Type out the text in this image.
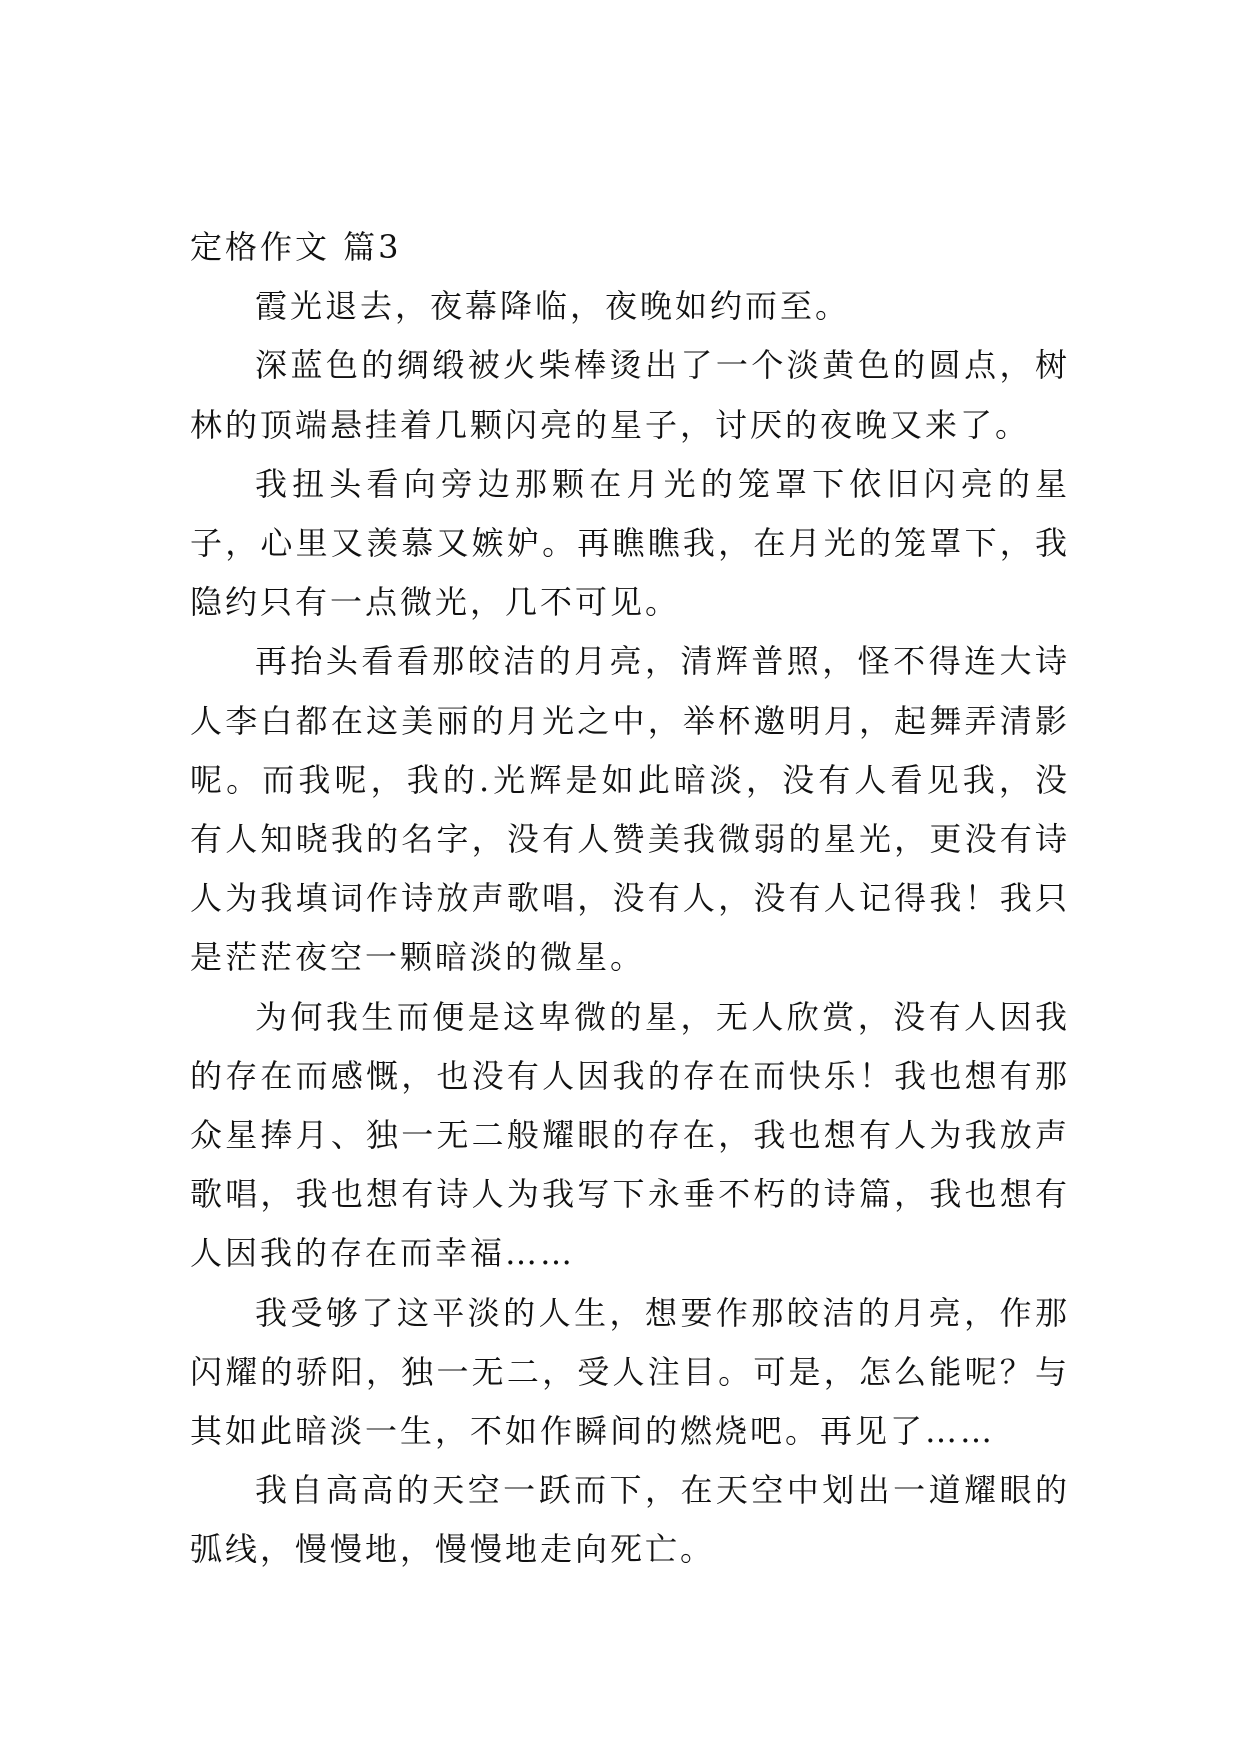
定格作文 篇3

霞光退去，夜幕降临，夜晚如约而至。

深蓝色的绸缎被火柴棒烫出了一个淡黄色的圆点，树林的顶端悬挂着几颗闪亮的星子，讨厌的夜晚又来了。

我扭头看向旁边那颗在月光的笼罩下依旧闪亮的星子，心里又羡慕又嫉妒。再瞧瞧我，在月光的笼罩下，我隐约只有一点微光，几不可见。

再抬头看看那皎洁的月亮，清辉普照，怪不得连大诗人李白都在这美丽的月光之中，举杯邀明月，起舞弄清影呢。而我呢，我的.光辉是如此暗淡，没有人看见我，没有人知晓我的名字，没有人赞美我微弱的星光，更没有诗人为我填词作诗放声歌唱，没有人，没有人记得我！我只是茫茫夜空一颗暗淡的微星。

为何我生而便是这卑微的星，无人欣赏，没有人因我的存在而感慨，也没有人因我的存在而快乐！我也想有那众星捧月、独一无二般耀眼的存在，我也想有人为我放声歌唱，我也想有诗人为我写下永垂不朽的诗篇，我也想有人因我的存在而幸福……

我受够了这平淡的人生，想要作那皎洁的月亮，作那闪耀的骄阳，独一无二，受人注目。可是，怎么能呢？与其如此暗淡一生，不如作瞬间的燃烧吧。再见了……

我自高高的天空一跃而下，在天空中划出一道耀眼的弧线，慢慢地，慢慢地走向死亡。
